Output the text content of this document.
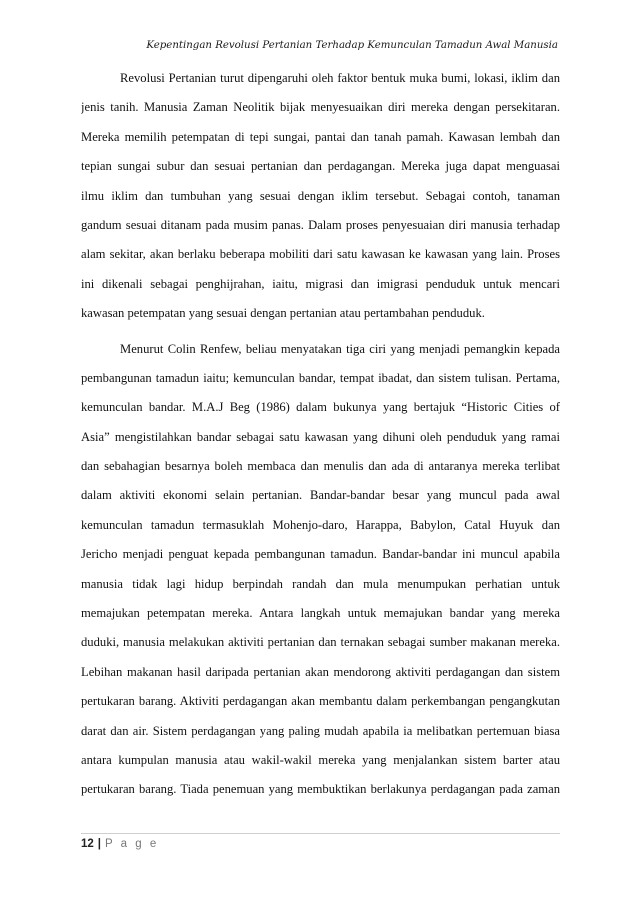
Kepentingan Revolusi Pertanian Terhadap Kemunculan Tamadun Awal Manusia
Revolusi Pertanian turut dipengaruhi oleh faktor bentuk muka bumi, lokasi, iklim dan
jenis tanih. Manusia Zaman Neolitik bijak menyesuaikan diri mereka dengan persekitaran.
Mereka memilih petempatan di tepi sungai, pantai dan tanah pamah. Kawasan lembah dan
tepian sungai subur dan sesuai pertanian dan perdagangan. Mereka juga dapat menguasai
ilmu iklim dan tumbuhan yang sesuai dengan iklim tersebut. Sebagai contoh, tanaman
gandum sesuai ditanam pada musim panas. Dalam proses penyesuaian diri manusia terhadap
alam sekitar, akan berlaku beberapa mobiliti dari satu kawasan ke kawasan yang lain. Proses
ini dikenali sebagai penghijrahan, iaitu, migrasi dan imigrasi penduduk untuk mencari
kawasan petempatan yang sesuai dengan pertanian atau pertambahan penduduk.
Menurut Colin Renfew, beliau menyatakan tiga ciri yang menjadi pemangkin kepada
pembangunan tamadun iaitu; kemunculan bandar, tempat ibadat, dan sistem tulisan. Pertama,
kemunculan bandar. M.A.J Beg (1986) dalam bukunya yang bertajuk “Historic Cities of
Asia” mengistilahkan bandar sebagai satu kawasan yang dihuni oleh penduduk yang ramai
dan sebahagian besarnya boleh membaca dan menulis dan ada di antaranya mereka terlibat
dalam aktiviti ekonomi selain pertanian. Bandar-bandar besar yang muncul pada awal
kemunculan tamadun termasuklah Mohenjo-daro, Harappa, Babylon, Catal Huyuk dan
Jericho menjadi penguat kepada pembangunan tamadun. Bandar-bandar ini muncul apabila
manusia tidak lagi hidup berpindah randah dan mula menumpukan perhatian untuk
memajukan petempatan mereka. Antara langkah untuk memajukan bandar yang mereka
duduki, manusia melakukan aktiviti pertanian dan ternakan sebagai sumber makanan mereka.
Lebihan makanan hasil daripada pertanian akan mendorong aktiviti perdagangan dan sistem
pertukaran barang. Aktiviti perdagangan akan membantu dalam perkembangan pengangkutan
darat dan air. Sistem perdagangan yang paling mudah apabila ia melibatkan pertemuan biasa
antara kumpulan manusia atau wakil-wakil mereka yang menjalankan sistem barter atau
pertukaran barang. Tiada penemuan yang membuktikan berlakunya perdagangan pada zaman
12 | P a g e
